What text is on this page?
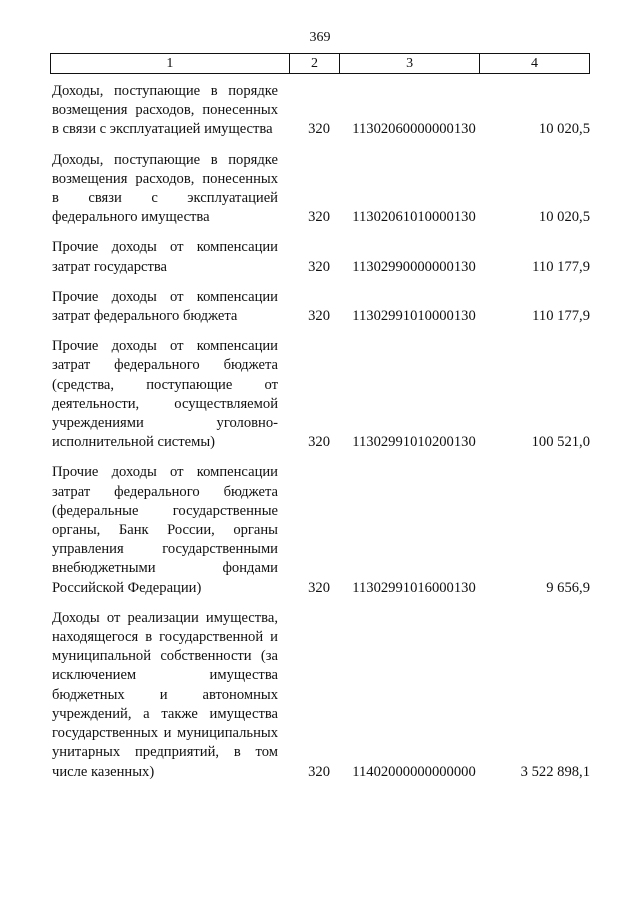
369
1	2	3	4
Доходы, поступающие в порядке возмещения расходов, понесенных в связи с эксплуатацией имущества	320	11302060000000130	10 020,5
Доходы, поступающие в порядке возмещения расходов, понесенных в связи с эксплуатацией федерального имущества	320	11302061010000130	10 020,5
Прочие доходы от компенсации затрат государства	320	11302990000000130	110 177,9
Прочие доходы от компенсации затрат федерального бюджета	320	11302991010000130	110 177,9
Прочие доходы от компенсации затрат федерального бюджета (средства, поступающие от деятельности, осуществляемой учреждениями уголовно-исполнительной системы)	320	11302991010200130	100 521,0
Прочие доходы от компенсации затрат федерального бюджета (федеральные государственные органы, Банк России, органы управления государственными внебюджетными фондами Российской Федерации)	320	11302991016000130	9 656,9
Доходы от реализации имущества, находящегося в государственной и муниципальной собственности (за исключением имущества бюджетных и автономных учреждений, а также имущества государственных и муниципальных унитарных предприятий, в том числе казенных)	320	11402000000000000	3 522 898,1
